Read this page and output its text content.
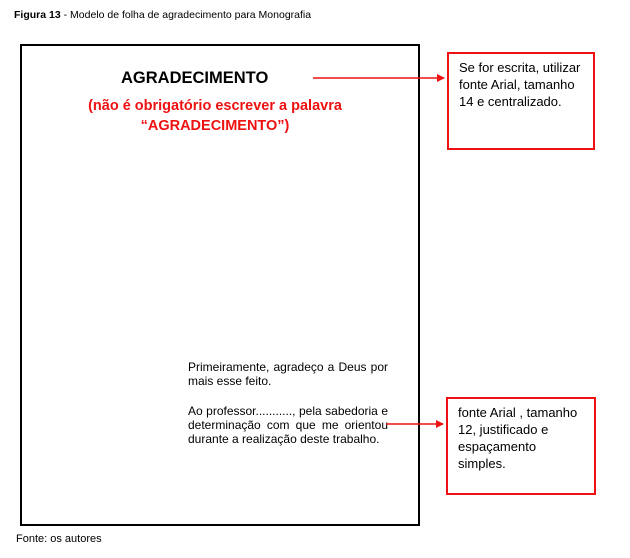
Figura 13 - Modelo de folha de agradecimento para Monografia
AGRADECIMENTO
(não é obrigatório escrever a palavra “AGRADECIMENTO”)
Primeiramente, agradeço a Deus por mais esse feito.
Ao professor..........., pela sabedoria e determinação com que me orientou durante a realização deste trabalho.
Se for escrita, utilizar fonte Arial, tamanho 14 e centralizado.
fonte Arial , tamanho 12, justificado e espaçamento simples.
Fonte: os autores
